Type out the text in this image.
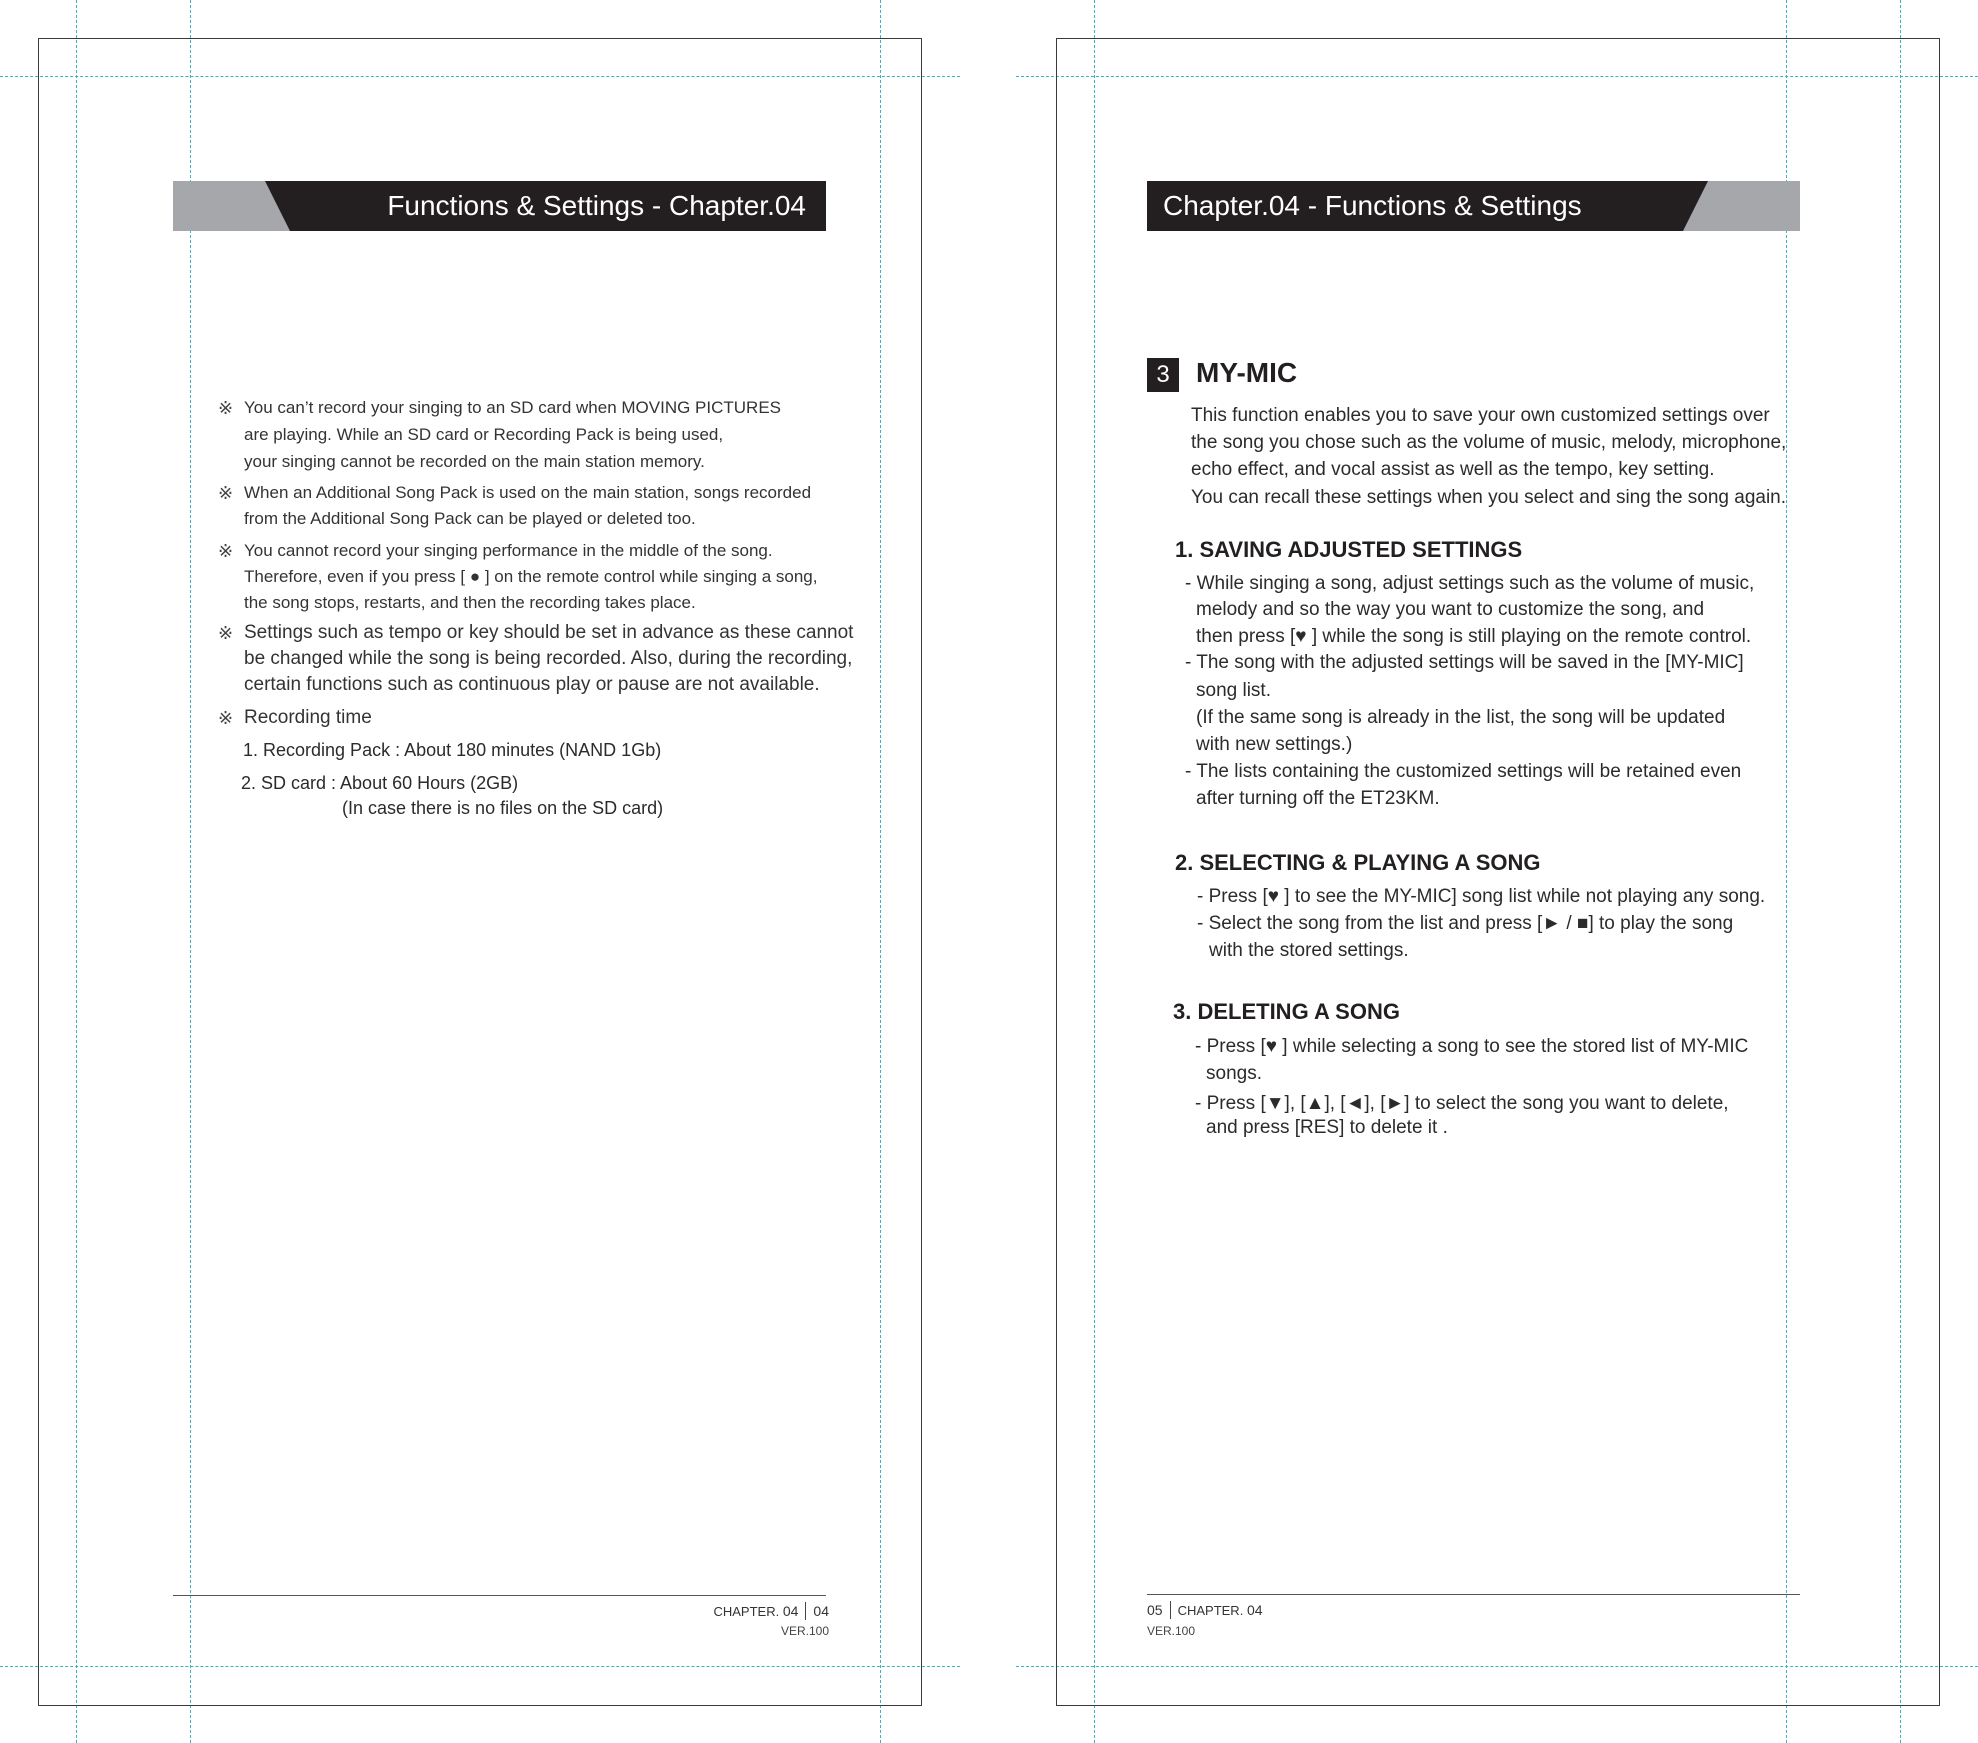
Functions & Settings - Chapter.04
※ You can’t record your singing to an SD card when MOVING PICTURES
are playing. While an SD card or Recording Pack is being used,
your singing cannot be recorded on the main station memory.
※ When an Additional Song Pack is used on the main station, songs recorded
from the Additional Song Pack can be played or deleted too.
※ You cannot record your singing performance in the middle of the song.
Therefore, even if you press [ ● ] on the remote control while singing a song,
the song stops, restarts, and then the recording takes place.
※ Settings such as tempo or key should be set in advance as these cannot
be changed while the song is being recorded. Also, during the recording,
certain functions such as continuous play or pause are not available.
※ Recording time
1. Recording Pack : About 180 minutes (NAND 1Gb)
2. SD card : About 60 Hours (2GB)
(In case there is no files on the SD card)
CHAPTER. 04 04
VER.100
Chapter.04 - Functions & Settings
3 MY-MIC
This function enables you to save your own customized settings over
the song you chose such as the volume of music, melody, microphone,
echo effect, and vocal assist as well as the tempo, key setting.
You can recall these settings when you select and sing the song again.
1. SAVING ADJUSTED SETTINGS
- While singing a song, adjust settings such as the volume of music,
melody and so the way you want to customize the song, and
then press [♥ ] while the song is still playing on the remote control.
- The song with the adjusted settings will be saved in the [MY-MIC]
song list.
(If the same song is already in the list, the song will be updated
with new settings.)
- The lists containing the customized settings will be retained even
after turning off the ET23KM.
2. SELECTING & PLAYING A SONG
- Press [♥ ] to see the MY-MIC] song list while not playing any song.
- Select the song from the list and press [► / ■] to play the song
with the stored settings.
3. DELETING A SONG
- Press [♥ ] while selecting a song to see the stored list of MY-MIC
songs.
- Press [▼], [▲], [◄], [►] to select the song you want to delete,
and press [RES] to delete it .
05 CHAPTER. 04
VER.100
